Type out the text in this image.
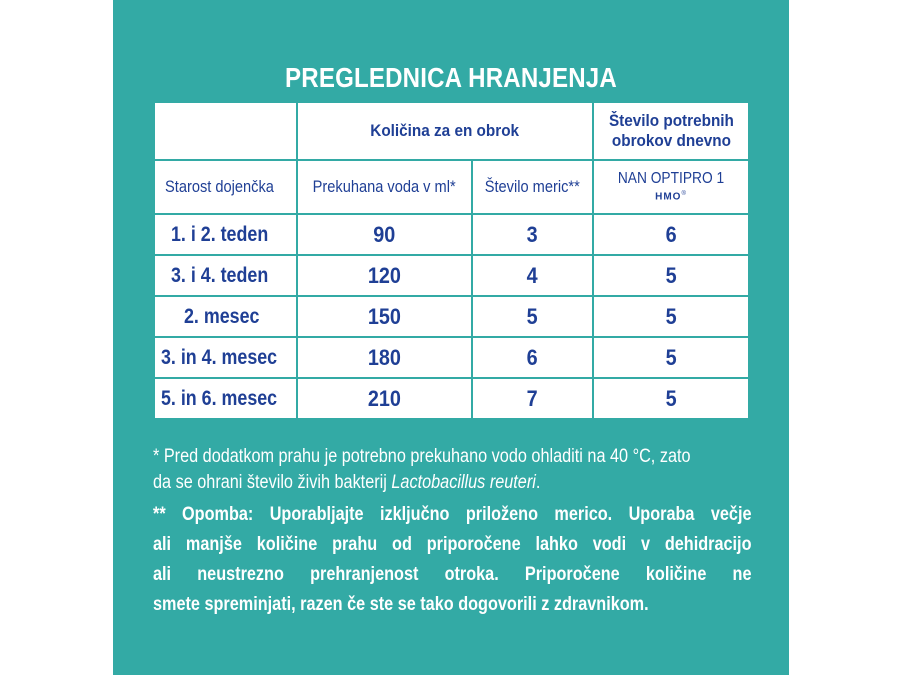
PREGLEDNICA HRANJENJA
	Količina za en obrok		Število potrebnih
obrokov dnevno
Starost dojenčka	Prekuhana voda v ml*	Število meric**	NAN OPTIPRO 1
HMO®

1. i 2. teden	90	3	6
3. i 4. teden	120	4	5
2. mesec	150	5	5
3. in 4. mesec	180	6	5
5. in 6. mesec	210	7	5

* Pred dodatkom prahu je potrebno prekuhano vodo ohladiti na 40 °C, zato
da se ohrani število živih bakterij Lactobacillus reuteri.

** Opomba: Uporabljajte izključno priloženo merico. Uporaba večje
ali manjše količine prahu od priporočene lahko vodi v dehidracijo
ali neustrezno prehranjenost otroka. Priporočene količine ne
smete spreminjati, razen če ste se tako dogovorili z zdravnikom.
